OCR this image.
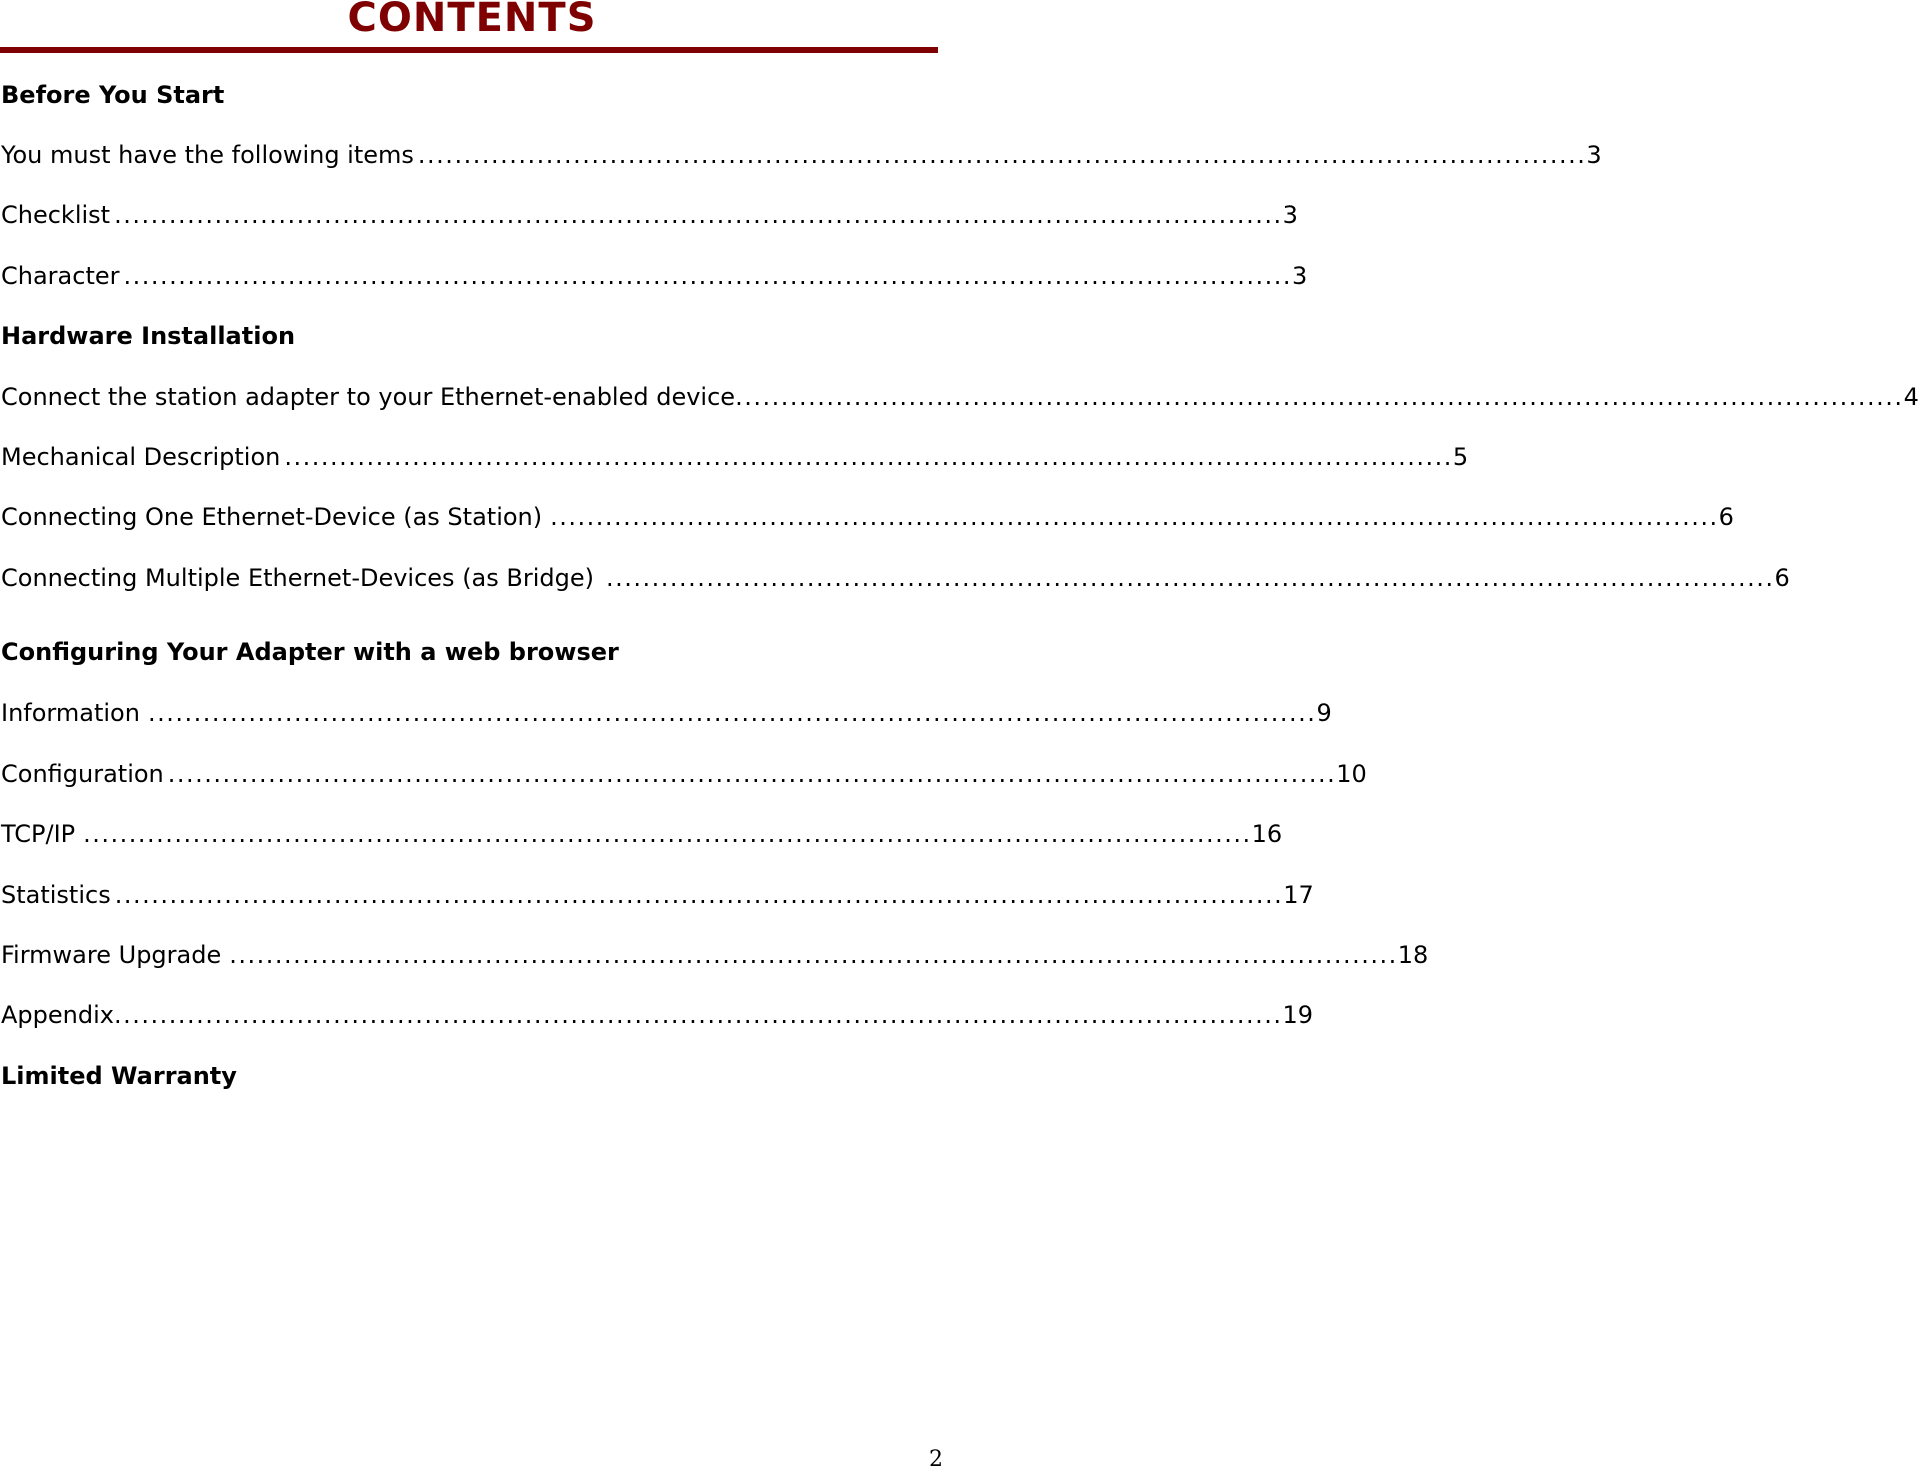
CONTENTS
Before You Start
You must have the following items ................................................................................................................................ 3
Checklist ................................................................................................................................ 3
Character ................................................................................................................................ 3
Hardware Installation
Connect the station adapter to your Ethernet-enabled device ................................................................................................................................ 4
Mechanical Description ................................................................................................................................ 5
Connecting One Ethernet-Device (as Station) ................................................................................................................................ 6
Connecting Multiple Ethernet-Devices (as Bridge) ................................................................................................................................ 6
Configuring Your Adapter with a web browser
Information ................................................................................................................................ 9
Configuration ................................................................................................................................ 10
TCP/IP ................................................................................................................................ 16
Statistics ................................................................................................................................ 17
Firmware Upgrade ................................................................................................................................ 18
Appendix ................................................................................................................................ 19
Limited Warranty
2
